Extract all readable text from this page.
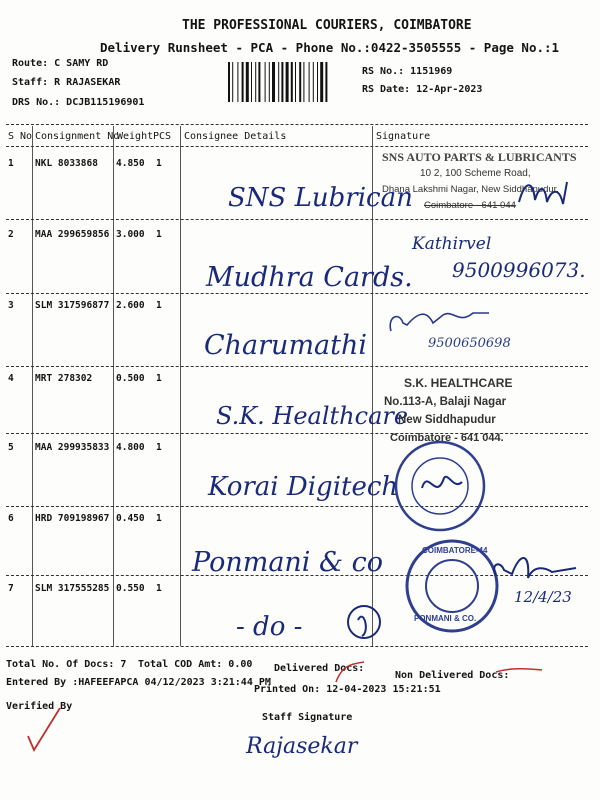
THE PROFESSIONAL COURIERS, COIMBATORE
Delivery Runsheet - PCA - Phone No.:0422-3505555 - Page No.:1
Route: C SAMY RD
Staff: R RAJASEKAR
DRS No.: DCJB115196901
RS No.: 1151969
RS Date: 12-Apr-2023
S No Consignment No
Weight PCS Consignee Details	Signature
1 NKL 8033868 4.850 1
SNS Lubrican
2 MAA 299659856 3.000 1
Mudhra Cards.
3 SLM 317596877 2.600 1
Charumathi
4 MRT 278302	0.500 1
S.K. Healthcare
5 MAA 299935833 4.800 1
Korai Digitech
6 HRD 709198967 0.450 1
Ponmani & co
7 SLM 317555285 0.550 1
- do -
SNS AUTO PARTS & LUBRICANTS
10 2, 100 Scheme Road,
Dhana Lakshmi Nagar, New Siddhapudur,
Coimbatore - 641 044
Kathirvel
9500996073.
9500650698
S.K. HEALTHCARE
No.113-A, Balaji Nagar
New Siddhapudur
Coimbatore - 641 044.
PONMANI & CO.
COIMBATORE-44
12/4/23
Total No. Of Docs: 7 Total COD Amt: 0.00 Delivered Docs:
Non Delivered Docs:
Entered By :HAFEEFAPCA 04/12/2023 3:21:44 PM
Printed On: 12-04-2023 15:21:51
Verified By
Staff Signature
Rajasekar
